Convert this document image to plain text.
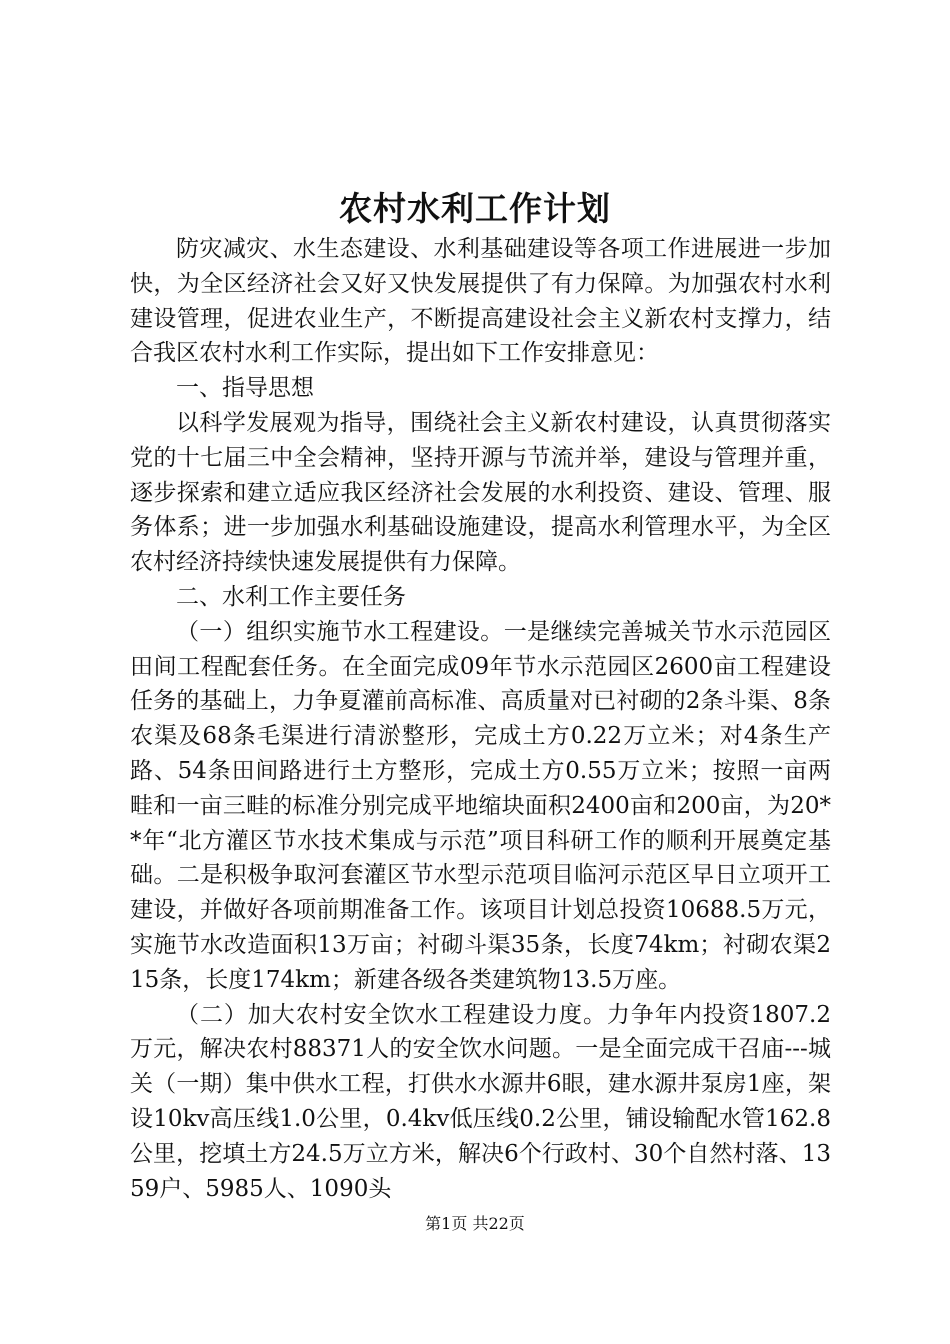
农村水利工作计划

防灾减灾、水生态建设、水利基础建设等各项工作进展进一步加快，为全区经济社会又好又快发展提供了有力保障。为加强农村水利建设管理，促进农业生产，不断提高建设社会主义新农村支撑力，结合我区农村水利工作实际，提出如下工作安排意见：

一、指导思想

以科学发展观为指导，围绕社会主义新农村建设，认真贯彻落实党的十七届三中全会精神，坚持开源与节流并举，建设与管理并重，逐步探索和建立适应我区经济社会发展的水利投资、建设、管理、服务体系；进一步加强水利基础设施建设，提高水利管理水平，为全区农村经济持续快速发展提供有力保障。

二、水利工作主要任务

（一）组织实施节水工程建设。一是继续完善城关节水示范园区田间工程配套任务。在全面完成09年节水示范园区2600亩工程建设任务的基础上，力争夏灌前高标准、高质量对已衬砌的2条斗渠、8条农渠及68条毛渠进行清淤整形，完成土方0.22万立米；对4条生产路、54条田间路进行土方整形，完成土方0.55万立米；按照一亩两畦和一亩三畦的标准分别完成平地缩块面积2400亩和200亩，为20**年“北方灌区节水技术集成与示范”项目科研工作的顺利开展奠定基础。二是积极争取河套灌区节水型示范项目临河示范区早日立项开工建设，并做好各项前期准备工作。该项目计划总投资10688.5万元，实施节水改造面积13万亩；衬砌斗渠35条，长度74km；衬砌农渠215条，长度174km；新建各级各类建筑物13.5万座。

（二）加大农村安全饮水工程建设力度。力争年内投资1807.2万元，解决农村88371人的安全饮水问题。一是全面完成干召庙---城关（一期）集中供水工程，打供水水源井6眼，建水源井泵房1座，架设10kv高压线1.0公里，0.4kv低压线0.2公里，铺设输配水管162.8公里，挖填土方24.5万立方米，解决6个行政村、30个自然村落、1359户、5985人、1090头

第1页 共22页
